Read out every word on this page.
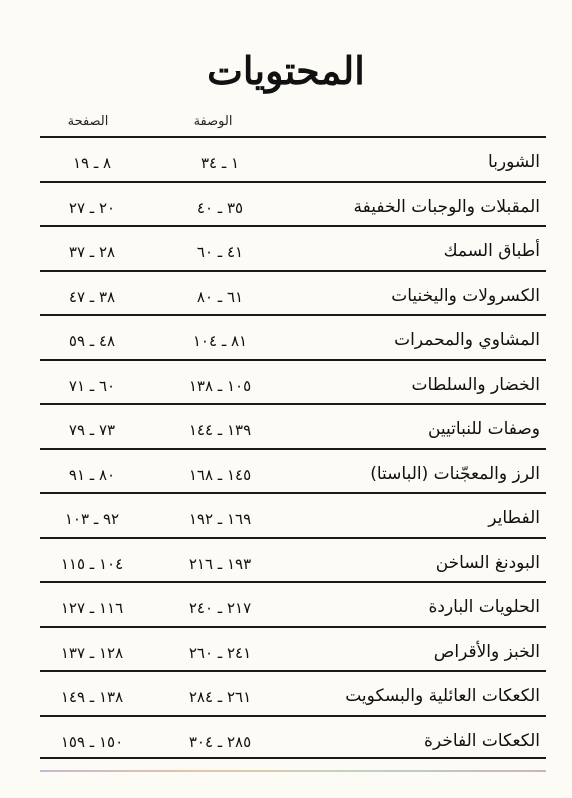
المحتويات
الوصفة
الصفحة
الشوربا
١ ـ ٣٤
٨ ـ ١٩
المقبلات والوجبات الخفيفة
٣٥ ـ ٤٠
٢٠ ـ ٢٧
أطباق السمك
٤١ ـ ٦٠
٢٨ ـ ٣٧
الكسرولات واليخنيات
٦١ ـ ٨٠
٣٨ ـ ٤٧
المشاوي والمحمرات
٨١ ـ ١٠٤
٤٨ ـ ٥٩
الخضار والسلطات
١٠٥ ـ ١٣٨
٦٠ ـ ٧١
وصفات للنباتيين
١٣٩ ـ ١٤٤
٧٣ ـ ٧٩
الرز والمعجّنات (الباستا)
١٤٥ ـ ١٦٨
٨٠ ـ ٩١
الفطاير
١٦٩ ـ ١٩٢
٩٢ ـ ١٠٣
البودنغ الساخن
١٩٣ ـ ٢١٦
١٠٤ ـ ١١٥
الحلويات الباردة
٢١٧ ـ ٢٤٠
١١٦ ـ ١٢٧
الخبز والأقراص
٢٤١ ـ ٢٦٠
١٢٨ ـ ١٣٧
الكعكات العائلية والبسكويت
٢٦١ ـ ٢٨٤
١٣٨ ـ ١٤٩
الكعكات الفاخرة
٢٨٥ ـ ٣٠٤
١٥٠ ـ ١٥٩
